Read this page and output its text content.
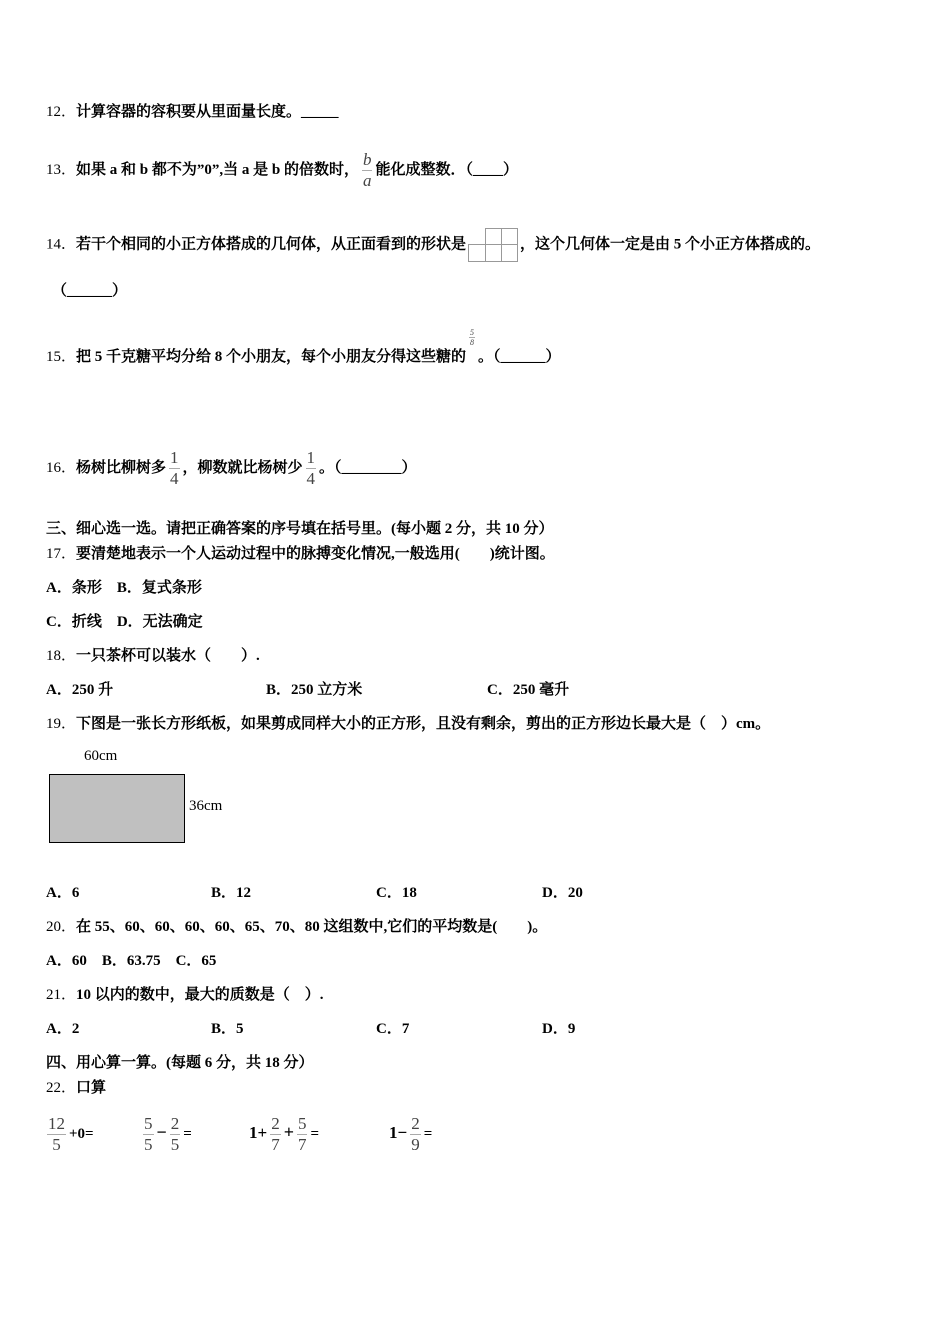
12．计算容器的容积要从里面量长度。_____
13．如果 a 和 b 都不为”0”,当 a 是 b 的倍数时， $\frac{b}{a}$ 能化成整数．（____）
14．若干个相同的小正方体搭成的几何体，从正面看到的形状是	，这个几何体一定是由 5 个小正方体搭成的。
（______）
15．把 5 千克糖平均分给 8 个小朋友，每个小朋友分得这些糖的
$\frac{5}{8}$
。（______）
16．杨树比柳树多 $\frac{1}{4}$ ，柳数就比杨树少 $\frac{1}{4}$ 。（________）
三、细心选一选。请把正确答案的序号填在括号里。(每小题 2 分，共 10 分）
17．要清楚地表示一个人运动过程中的脉搏变化情况,一般选用(　　)统计图。
A．条形　B．复式条形
C．折线　D．无法确定
18．一只茶杯可以装水（　　）.
A．250 升	B．250 立方米	C．250 毫升
19．下图是一张长方形纸板，如果剪成同样大小的正方形，且没有剩余，剪出的正方形边长最大是（　）cm。
60cm
36cm
A．6	B．12	C．18	D．20
20．在 55、60、60、60、60、65、70、80 这组数中,它们的平均数是(　　)。
A．60　B．63.75　C．65
21．10 以内的数中，最大的质数是（　）.
A．2	B．5	C．7	D．9
四、用心算一算。(每题 6 分，共 18 分）
22．口算
$\frac{12}{5} +0=$	$\frac{5}{5} - \frac{2}{5}$ =	$1+ \frac{2}{7} + \frac{5}{7}$ =	$1- \frac{2}{9}$ =
